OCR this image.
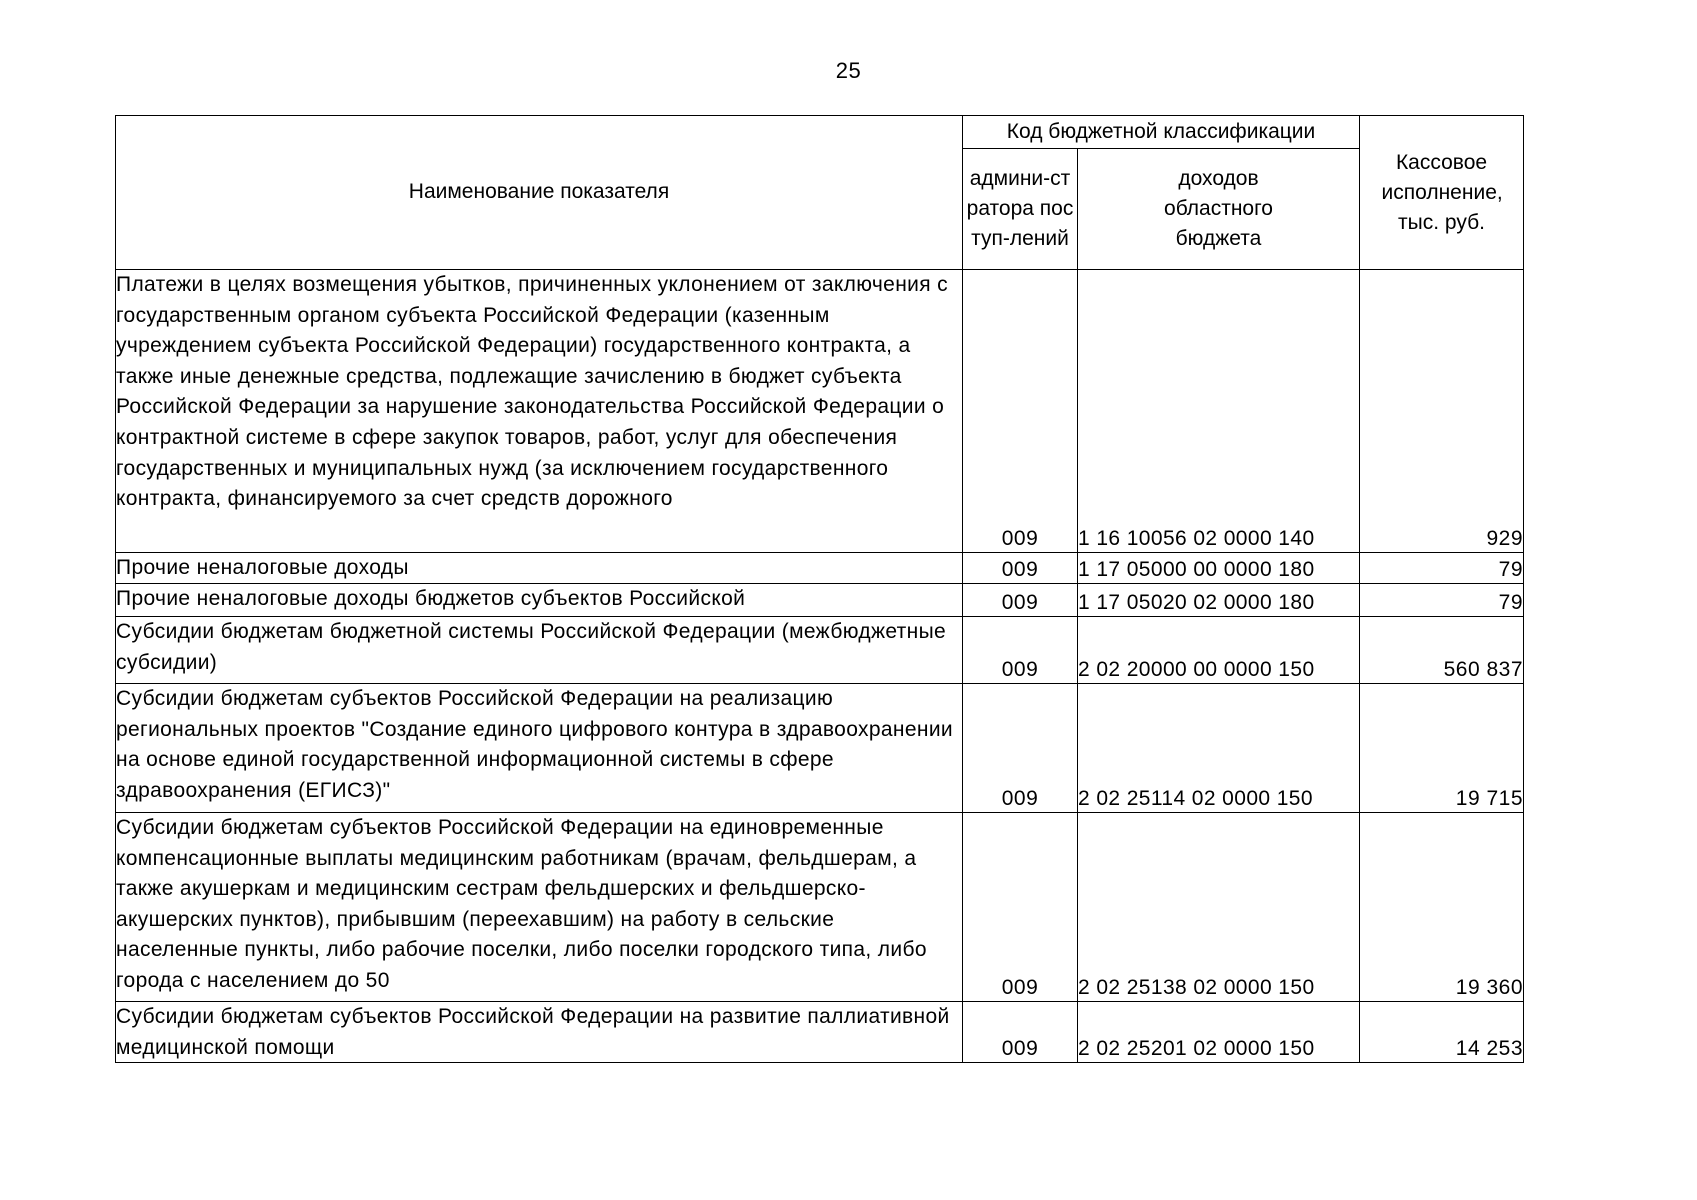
25
Наименование показателя	Код бюджетной классификации		Кассовое исполнение, тыс. руб.

	админи-стратора поступ-лений	доходов областного бюджета	

Платежи в целях возмещения убытков, причиненных уклонением от заключения с государственным органом субъекта Российской Федерации (казенным учреждением субъекта Российской Федерации) государственного контракта, а также иные денежные средства, подлежащие зачислению в бюджет субъекта Российской Федерации за нарушение законодательства Российской Федерации о контрактной системе в сфере закупок товаров, работ, услуг для обеспечения государственных и муниципальных нужд (за исключением государственного контракта, финансируемого за счет средств дорожного	009	1 16 10056 02 0000 140	929

Прочие неналоговые доходы	009	1 17 05000 00 0000 180	79

Прочие неналоговые доходы бюджетов субъектов Российской	009	1 17 05020 02 0000 180	79

Субсидии бюджетам бюджетной системы Российской Федерации (межбюджетные субсидии)	009	2 02 20000 00 0000 150	560 837

Субсидии бюджетам субъектов Российской Федерации на реализацию региональных проектов "Создание единого цифрового контура в здравоохранении на основе единой государственной информационной системы в сфере здравоохранения (ЕГИСЗ)"	009	2 02 25114 02 0000 150	19 715

Субсидии бюджетам субъектов Российской Федерации на единовременные компенсационные выплаты медицинским работникам (врачам, фельдшерам, а также акушеркам и медицинским сестрам фельдшерских и фельдшерско-акушерских пунктов), прибывшим (переехавшим) на работу в сельские населенные пункты, либо рабочие поселки, либо поселки городского типа, либо города с населением до 50	009	2 02 25138 02 0000 150	19 360

Субсидии бюджетам субъектов Российской Федерации на развитие паллиативной медицинской помощи	009	2 02 25201 02 0000 150	14 253
